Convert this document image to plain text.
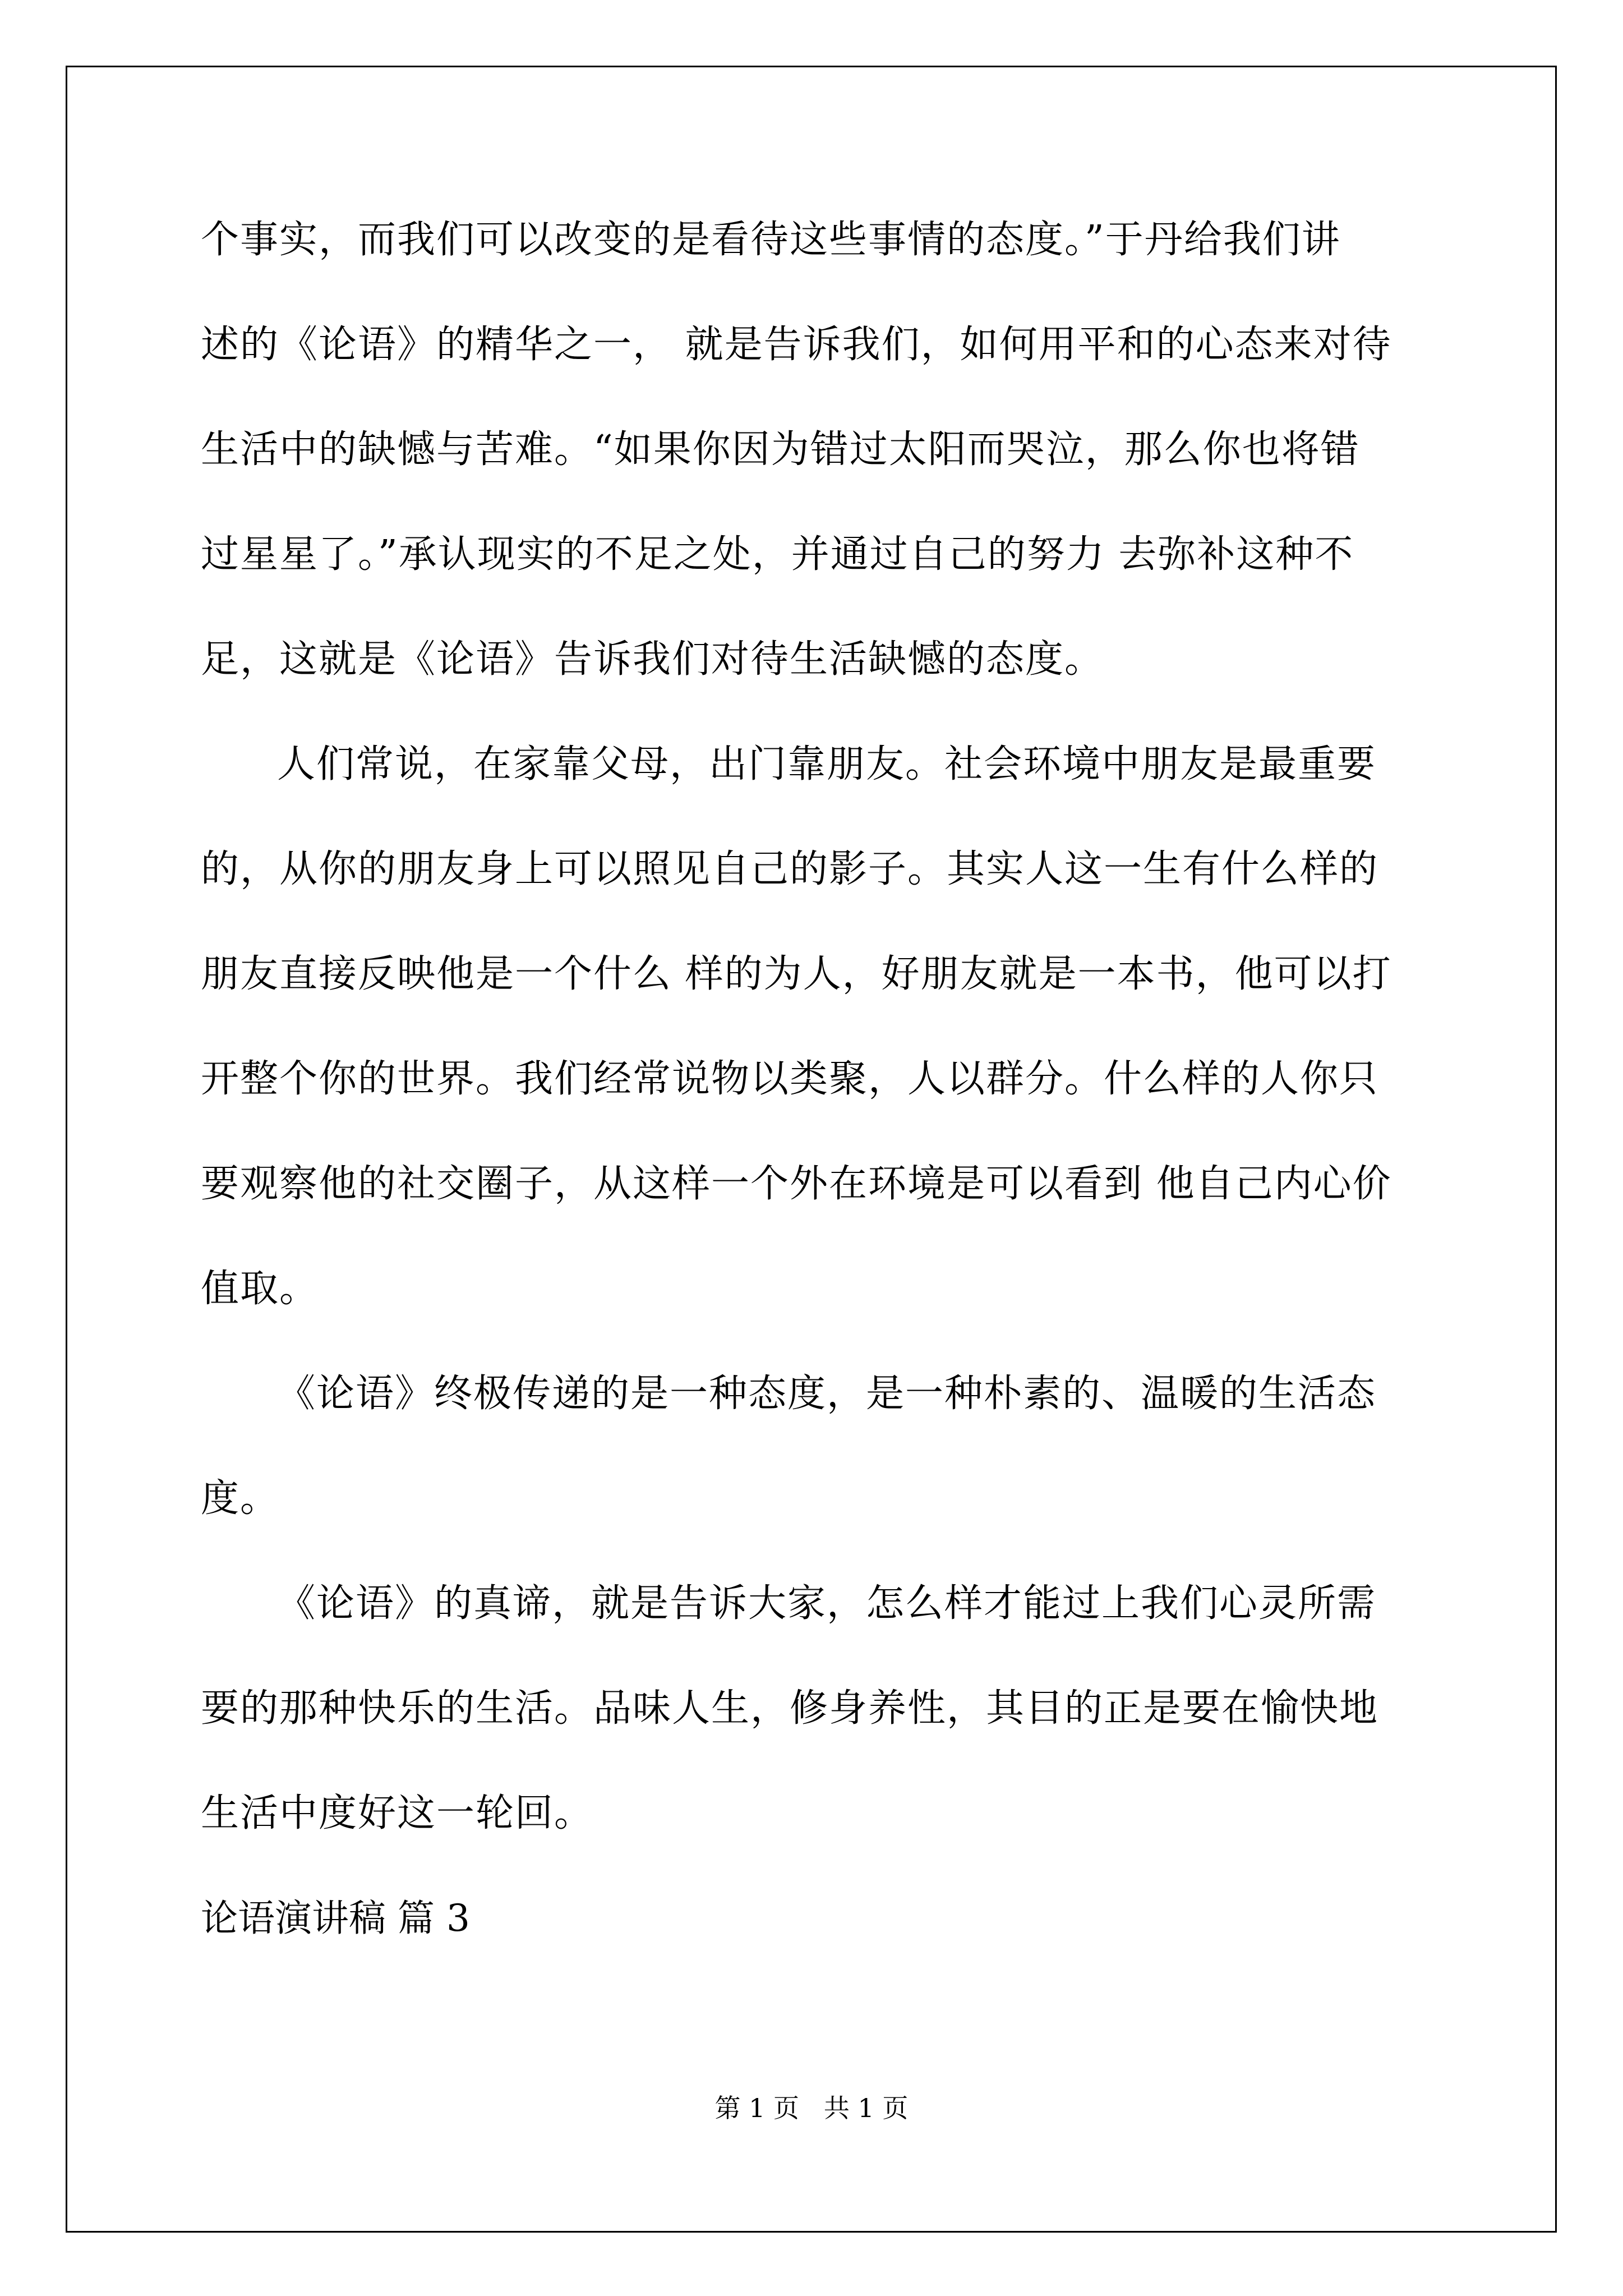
个事实，而我们可以改变的是看待这些事情的态度。”于丹给我们讲
述的《论语》的精华之一， 就是告诉我们，如何用平和的心态来对待
生活中的缺憾与苦难。“如果你因为错过太阳而哭泣，那么你也将错
过星星了。”承认现实的不足之处，并通过自己的努力 去弥补这种不
足，这就是《论语》告诉我们对待生活缺憾的态度。
人们常说，在家靠父母，出门靠朋友。社会环境中朋友是最重要
的，从你的朋友身上可以照见自己的影子。其实人这一生有什么样的
朋友直接反映他是一个什么 样的为人，好朋友就是一本书，他可以打
开整个你的世界。我们经常说物以类聚，人以群分。什么样的人你只
要观察他的社交圈子，从这样一个外在环境是可以看到 他自己内心价
值取。
《论语》终极传递的是一种态度，是一种朴素的、温暖的生活态
度。
《论语》的真谛，就是告诉大家，怎么样才能过上我们心灵所需
要的那种快乐的生活。品味人生，修身养性，其目的正是要在愉快地
生活中度好这一轮回。
论语演讲稿 篇 3
第 1 页   共 1 页
